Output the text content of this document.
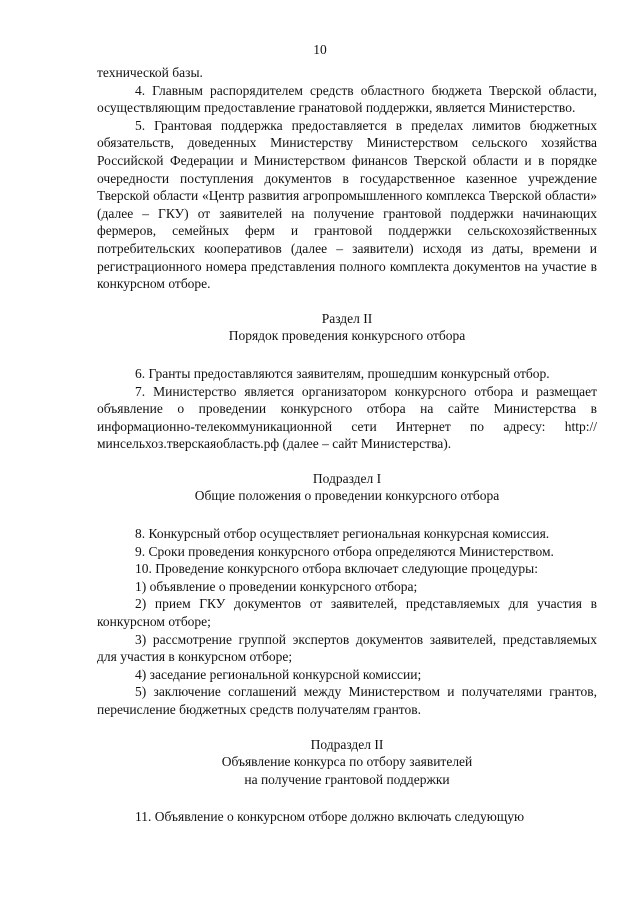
10

технической базы.

4. Главным распорядителем средств областного бюджета Тверской области, осуществляющим предоставление гранатовой поддержки, является Министерство.

5. Грантовая поддержка предоставляется в пределах лимитов бюджетных обязательств, доведенных Министерству Министерством сельского хозяйства Российской Федерации и Министерством финансов Тверской области и в порядке очередности поступления документов в государственное казенное учреждение Тверской области «Центр развития агропромышленного комплекса Тверской области» (далее – ГКУ) от заявителей на получение грантовой поддержки начинающих фермеров, семейных ферм и грантовой поддержки сельскохозяйственных потребительских кооперативов (далее – заявители) исходя из даты, времени и регистрационного номера представления полного комплекта документов на участие в конкурсном отборе.

Раздел II

Порядок проведения конкурсного отбора

6. Гранты предоставляются заявителям, прошедшим конкурсный отбор.

7. Министерство является организатором конкурсного отбора и размещает объявление о проведении конкурсного отбора на сайте Министерства в информационно-телекоммуникационной сети Интернет по адресу: http://минсельхоз.тверскаяобласть.рф (далее – сайт Министерства).

Подраздел I

Общие положения о проведении конкурсного отбора

8. Конкурсный отбор осуществляет региональная конкурсная комиссия.

9. Сроки проведения конкурсного отбора определяются Министерством.

10. Проведение конкурсного отбора включает следующие процедуры:

1) объявление о проведении конкурсного отбора;

2) прием ГКУ документов от заявителей, представляемых для участия в конкурсном отборе;

3) рассмотрение группой экспертов документов заявителей, представляемых для участия в конкурсном отборе;

4) заседание региональной конкурсной комиссии;

5) заключение соглашений между Министерством и получателями грантов, перечисление бюджетных средств получателям грантов.

Подраздел II

Объявление конкурса по отбору заявителей

на получение грантовой поддержки

11. Объявление о конкурсном отборе должно включать следующую
